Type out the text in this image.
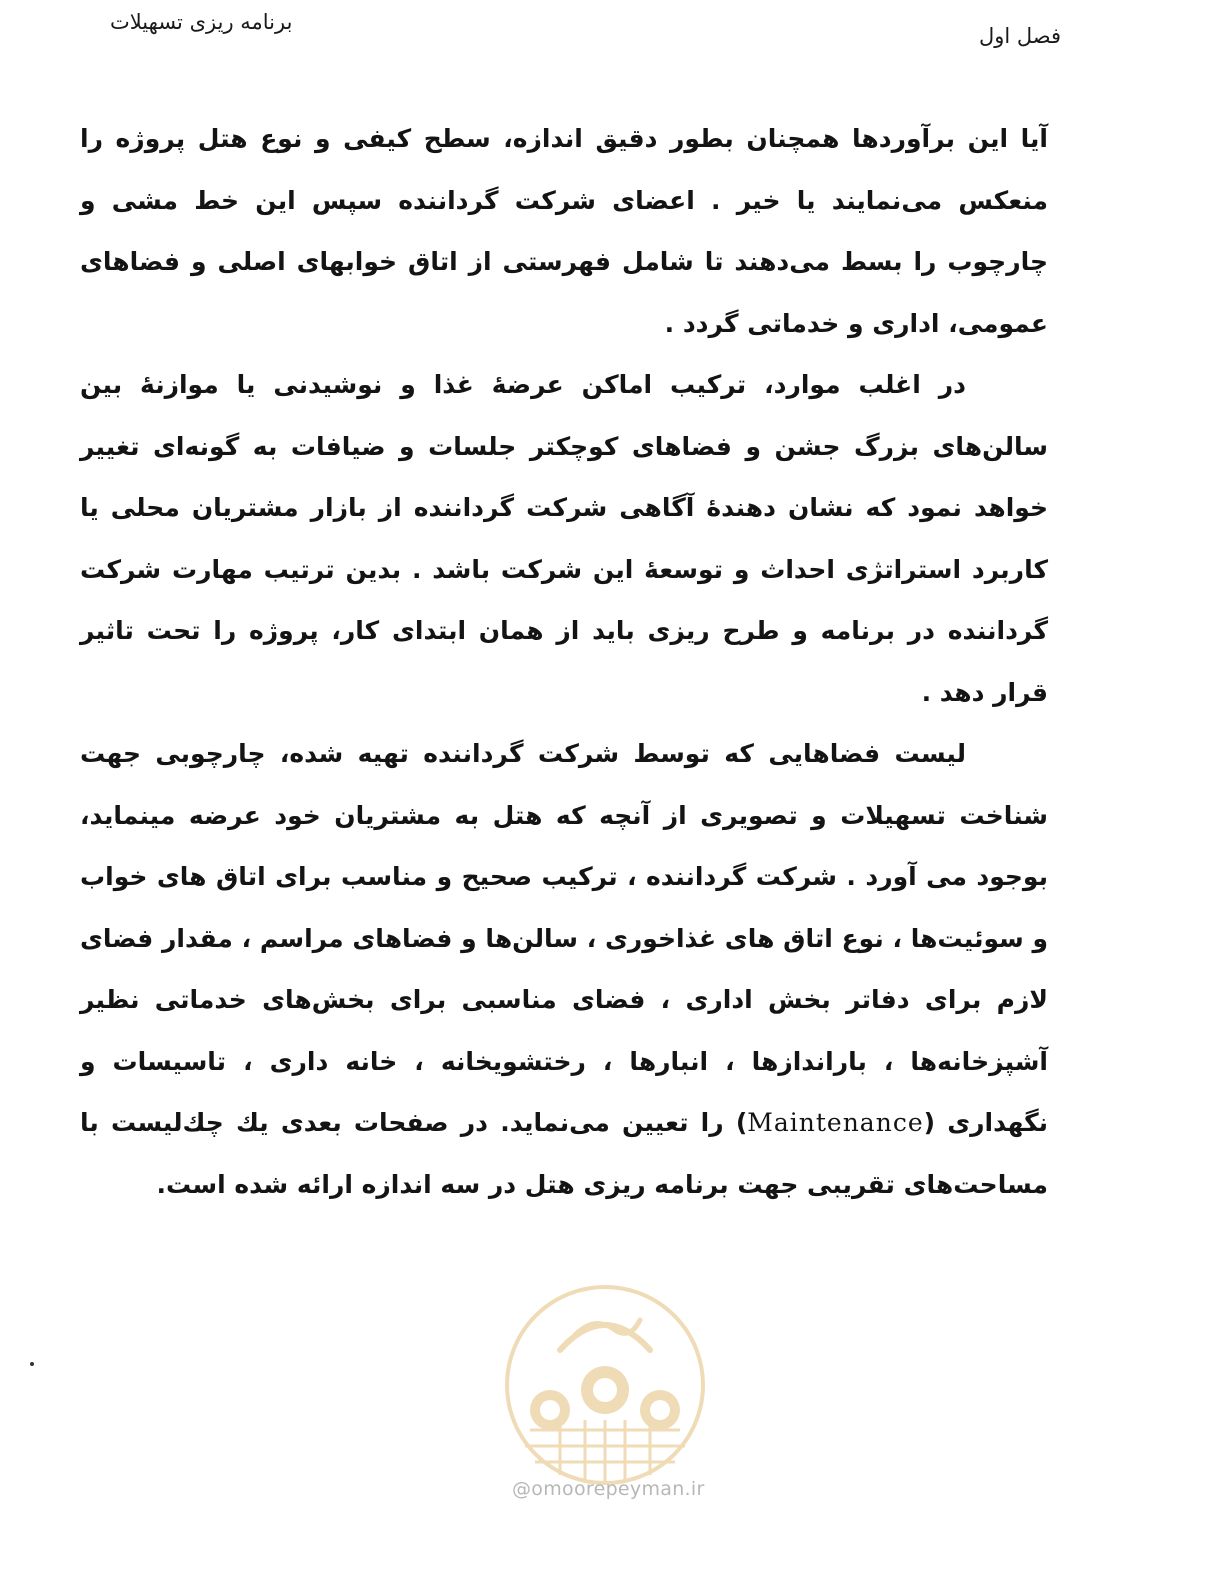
برنامه ریزی تسهیلات
فصل اول

آیا این برآوردها همچنان بطور دقیق اندازه، سطح کیفی و نوع هتل پروژه را منعکس می‌نمایند یا خیر . اعضای شرکت گرداننده سپس این خط مشی و چارچوب را بسط می‌دهند تا شامل فهرستی از اتاق خوابهای اصلی و فضاهای عمومی، اداری و خدماتی گردد .

در اغلب موارد، ترکیب اماکن عرضهٔ غذا و نوشیدنی یا موازنهٔ بین سالن‌های بزرگ جشن و فضاهای کوچکتر جلسات و ضیافات به گونه‌ای تغییر خواهد نمود که نشان دهندهٔ آگاهی شرکت گرداننده از بازار مشتریان محلی یا کاربرد استراتژی احداث و توسعهٔ این شرکت باشد . بدین ترتیب مهارت شرکت گرداننده در برنامه و طرح ریزی باید از همان ابتدای کار، پروژه را تحت تاثیر قرار دهد .

لیست فضاهایی که توسط شرکت گرداننده تهیه شده، چارچوبی جهت شناخت تسهیلات و تصویری از آنچه که هتل به مشتریان خود عرضه مینماید، بوجود می آورد . شرکت گرداننده ، ترکیب صحیح و مناسب برای اتاق های خواب و سوئیت‌ها ، نوع اتاق های غذاخوری ، سالن‌ها و فضاهای مراسم ، مقدار فضای لازم برای دفاتر بخش اداری ، فضای مناسبی برای بخش‌های خدماتی نظیر آشپزخانه‌ها ، باراندازها ، انبارها ، رختشویخانه ، خانه داری ، تاسیسات و نگهداری (Maintenance) را تعیین می‌نماید. در صفحات بعدی یك چك‌لیست با مساحت‌های تقریبی جهت برنامه ریزی هتل در سه اندازه ارائه شده است.

@omoorepeyman.ir
